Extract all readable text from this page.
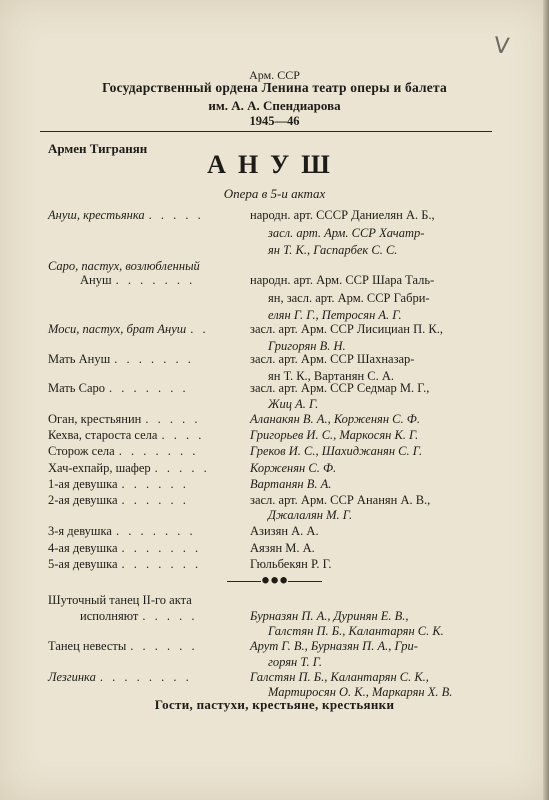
V
Арм. ССР
Государственный ордена Ленина театр оперы и балета
им. А. А. Спендиарова
1945—46
Армен Тигранян
АНУШ
Опера в 5-и актах
Ануш, крестьянка . . . . .	народн. арт. СССР Даниелян А. Б.,
засл. арт. Арм. ССР Хачатр-
ян Т. К., Гаспарбек С. С.
Саро, пастух, возлюбленный
Ануш . . . . . . .	народн. арт. Арм. ССР Шара Таль-
ян, засл. арт. Арм. ССР Габри-
елян Г. Г., Петросян А. Г.
Моси, пастух, брат Ануш . .	засл. арт. Арм. ССР Лисициан П. К.,
Григорян В. Н.
Мать Ануш . . . . . . .	засл. арт. Арм. ССР Шахназар-
ян Т. К., Вартанян С. А.
Мать Саро . . . . . . .	засл. арт. Арм. ССР Седмар М. Г.,
Жиц А. Г.
Оган, крестьянин . . . . .	Аланакян В. А., Корженян С. Ф.
Кехва, староста села . . . .	Григорьев И. С., Маркосян К. Г.
Сторож села . . . . . . .	Греков И. С., Шахиджанян С. Г.
Хач-ехпайр, шафер . . . . .	Корженян С. Ф.
1-ая девушка . . . . . .	Вартанян В. А.
2-ая девушка . . . . . .	засл. арт. Арм. ССР Ананян А. В.,
Джалалян М. Г.
3-я девушка . . . . . . .	Азизян А. А.
4-ая девушка . . . . . . .	Аязян М. А.
5-ая девушка . . . . . . .	Гюльбекян Р. Г.
●●●
Шуточный танец II-го акта
исполняют . . . . .	Бурназян П. А., Дуринян Е. В.,
Галстян П. Б., Калантарян С. К.
Танец невесты . . . . . .	Арут Г. В., Бурназян П. А., Гри-
горян Т. Г.
Лезгинка . . . . . . . .	Галстян П. Б., Калантарян С. К.,
Мартиросян О. К., Маркарян Х. В.
Гости, пастухи, крестьяне, крестьянки
